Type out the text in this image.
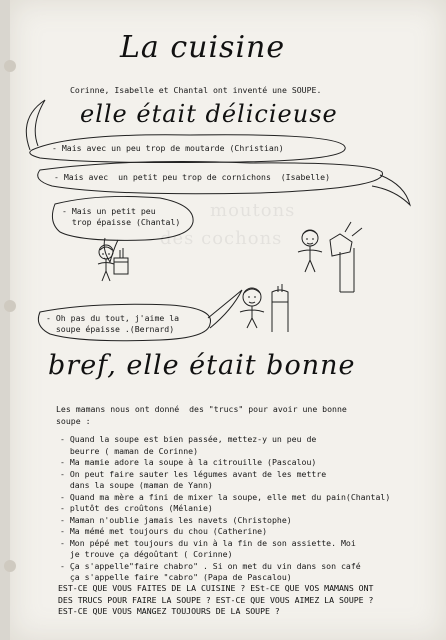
moutons
des cochons
La cuisine
Corinne, Isabelle et Chantal ont inventé une SOUPE.
elle était délicieuse
- Mais avec un peu trop de moutarde (Christian)
- Mais avec  un petit peu trop de cornichons  (Isabelle)
- Mais un petit peu
trop épaisse (Chantal)
- Oh pas du tout, j'aime la
soupe épaisse .(Bernard)
bref, elle était bonne
Les mamans nous ont donné  des "trucs" pour avoir une bonne
soupe :
- Quand la soupe est bien passée, mettez-y un peu de
beurre ( maman de Corinne)
- Ma mamie adore la soupe à la citrouille (Pascalou)
- On peut faire sauter les légumes avant de les mettre
dans la soupe (maman de Yann)
- Quand ma mère a fini de mixer la soupe, elle met du pain(Chantal)
- plutôt des croûtons (Mélanie)
- Maman n'oublie jamais les navets (Christophe)
- Ma mémé met toujours du chou (Catherine)
- Mon pépé met toujours du vin à la fin de son assiette. Moi
je trouve ça dégoûtant ( Corinne)
- Ça s'appelle"faire chabro" . Si on met du vin dans son café
ça s'appelle faire "cabro" (Papa de Pascalou)
EST-CE QUE VOUS FAITES DE LA CUISINE ? ESt-CE QUE VOS MAMANS ONT
DES TRUCS POUR FAIRE LA SOUPE ? EST-CE QUE VOUS AIMEZ LA SOUPE ?
EST-CE QUE VOUS MANGEZ TOUJOURS DE LA SOUPE ?
